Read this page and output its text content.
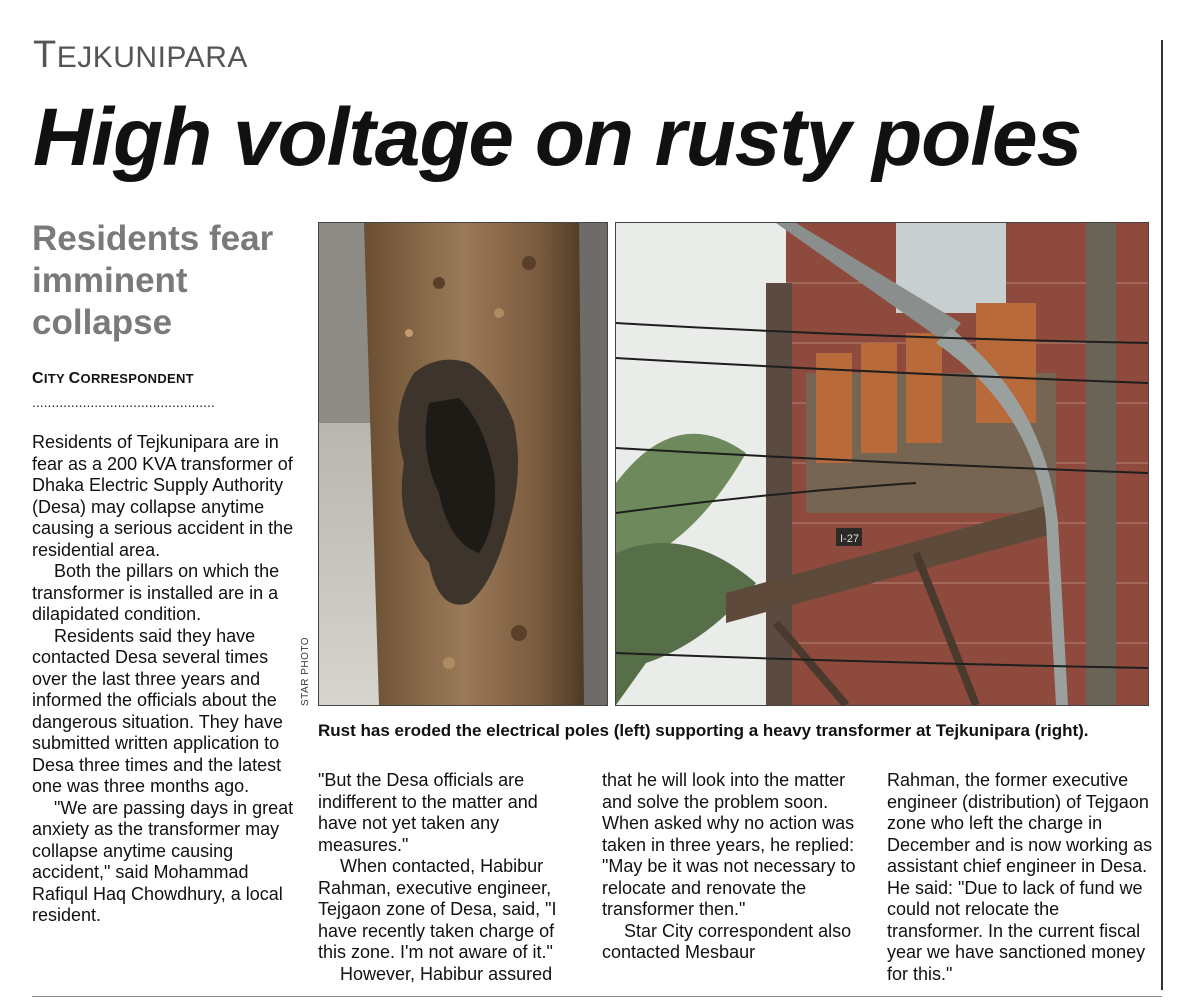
TEJKUNIPARA
High voltage on rusty poles
Residents fear
imminent
collapse
CITY CORRESPONDENT
...............................................

Residents of Tejkunipara are in fear as a 200 KVA transformer of Dhaka Electric Supply Authority (Desa) may collapse anytime causing a serious accident in the residential area.

Both the pillars on which the transformer is installed are in a dilapidated condition.

Residents said they have contacted Desa several times over the last three years and informed the officials about the dangerous situation. They have submitted written application to Desa three times and the latest one was three months ago.

"We are passing days in great anxiety as the transformer may collapse anytime causing accident," said Mohammad Rafiqul Haq Chowdhury, a local resident.

I-27
STAR PHOTO
Rust has eroded the electrical poles (left) supporting a heavy transformer at Tejkunipara (right).

"But the Desa officials are indifferent to the matter and have not yet taken any measures."

When contacted, Habibur Rahman, executive engineer, Tejgaon zone of Desa, said, "I have recently taken charge of this zone. I'm not aware of it."

However, Habibur assured

that he will look into the matter and solve the problem soon. When asked why no action was taken in three years, he replied: "May be it was not necessary to relocate and renovate the transformer then."

Star City correspondent also contacted Mesbaur

Rahman, the former executive engineer (distribution) of Tejgaon zone who left the charge in December and is now working as assistant chief engineer in Desa. He said: "Due to lack of fund we could not relocate the transformer. In the current fiscal year we have sanctioned money for this."
